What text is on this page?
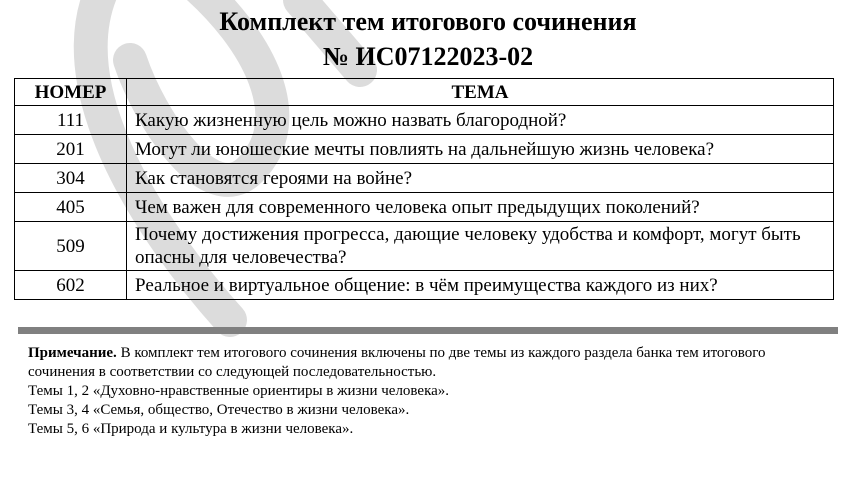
Комплект тем итогового сочинения
№ ИС07122023-02
НОМЕР	ТЕМА
111	Какую жизненную цель можно назвать благородной?
201	Могут ли юношеские мечты повлиять на дальнейшую жизнь человека?
304	Как становятся героями на войне?
405	Чем важен для современного человека опыт предыдущих поколений?
509	Почему достижения прогресса, дающие человеку удобства и комфорт, могут быть опасны для человечества?
602	Реальное и виртуальное общение: в чём преимущества каждого из них?
Примечание. В комплект тем итогового сочинения включены по две темы из каждого раздела банка тем итогового сочинения в соответствии со следующей последовательностью.
Темы 1, 2 «Духовно-нравственные ориентиры в жизни человека».
Темы 3, 4 «Семья, общество, Отечество в жизни человека».
Темы 5, 6 «Природа и культура в жизни человека».
